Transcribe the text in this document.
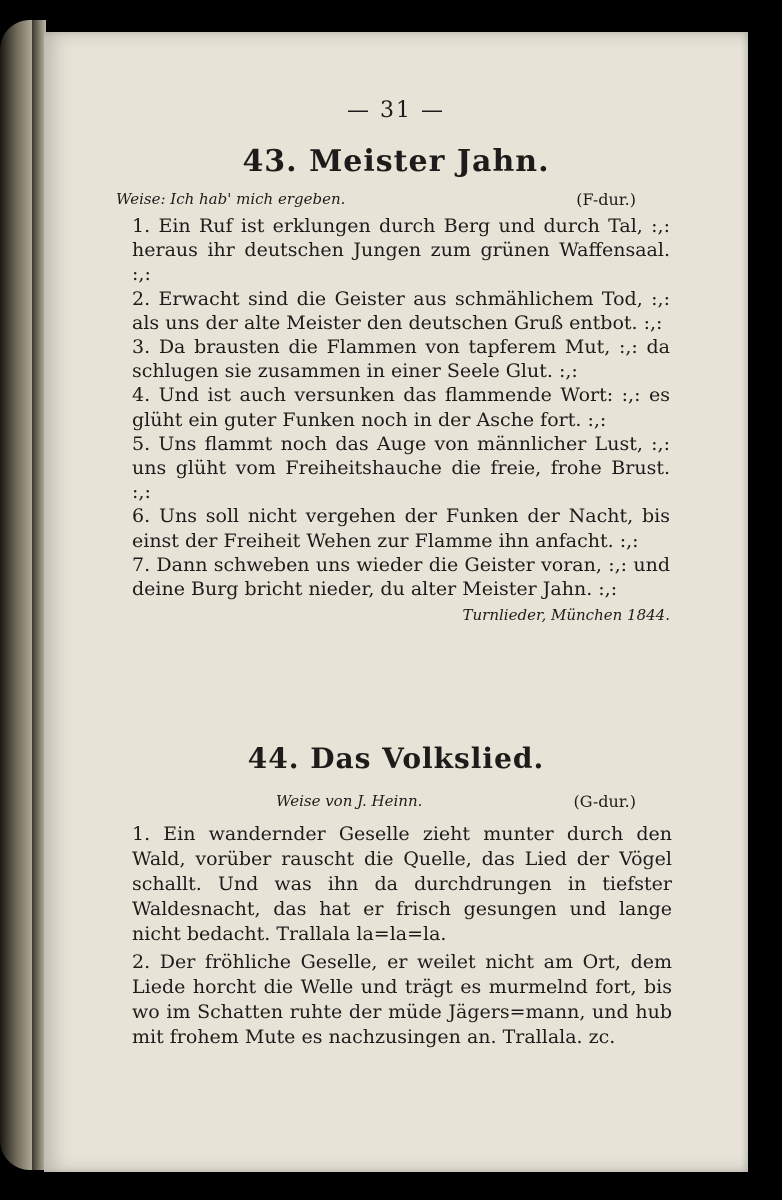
— 31 —
43. Meister Jahn.
Weise: Ich hab' mich ergeben.	(F-dur.)

1. Ein Ruf ist erklungen durch Berg und durch Tal, :,: heraus ihr deutschen Jungen zum grünen Waffensaal. :,:

2. Erwacht sind die Geister aus schmählichem Tod, :,: als uns der alte Meister den deutschen Gruß entbot. :,:

3. Da brausten die Flammen von tapferem Mut, :,: da schlugen sie zusammen in einer Seele Glut. :,:

4. Und ist auch versunken das flammende Wort: :,: es glüht ein guter Funken noch in der Asche fort. :,:

5. Uns flammt noch das Auge von männlicher Lust, :,: uns glüht vom Freiheitshauche die freie, frohe Brust. :,:

6. Uns soll nicht vergehen der Funken der Nacht, bis einst der Freiheit Wehen zur Flamme ihn anfacht. :,:

7. Dann schweben uns wieder die Geister voran, :,: und deine Burg bricht nieder, du alter Meister Jahn. :,:

Turnlieder, München 1844.
44. Das Volkslied.
Weise von J. Heinn.	(G-dur.)

1. Ein wandernder Geselle zieht munter durch den Wald, vorüber rauscht die Quelle, das Lied der Vögel schallt. Und was ihn da durchdrungen in tiefster Waldesnacht, das hat er frisch gesungen und lange nicht bedacht. Trallala la=la=la.

2. Der fröhliche Geselle, er weilet nicht am Ort, dem Liede horcht die Welle und trägt es murmelnd fort, bis wo im Schatten ruhte der müde Jägers=mann, und hub mit frohem Mute es nachzusingen an. Trallala. zc.
